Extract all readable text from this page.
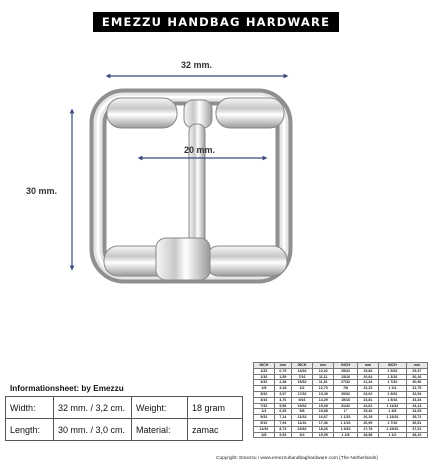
EMEZZU HANDBAG HARDWARE
32 mm.
30 mm.
20 mm.
Informationsheet: by Emezzu
Width:	32 mm. / 3,2 cm.	Weight:	18 gram
Length:	30 mm. / 3,0 cm.	Material:	zamac
INCH	mm	INCH	mm	INCH	mm	INCH	mm
1/32	0,79	13/32	10,32	25/32	19,84	1 5/32	29,37
1/16	1,59	7/16	11,11	13/16	20,64	1 3/16	30,16
3/32	2,38	15/32	11,91	27/32	21,43	1 7/32	30,96
1/8	3,18	1/2	12,70	7/8	22,23	1 1/4	31,75
5/32	3,97	17/32	13,49	29/32	23,02	1 9/32	32,54
3/16	4,76	9/16	14,29	15/16	23,81	1 5/16	33,34
7/32	5,56	19/32	15,08	31/32	24,61	1 11/32	34,13
1/4	6,35	5/8	15,88	1"	25,40	1 3/8	34,93
9/32	7,14	21/32	16,67	1 1/32	26,19	1 13/32	35,72
5/16	7,94	11/16	17,46	1 1/16	26,99	1 7/16	36,51
11/32	8,73	23/32	18,26	1 3/32	27,78	1 15/32	37,31
3/8	9,53	3/4	19,05	1 1/8	28,58	1 1/2	38,10
Copyright: Emezzu / www.emezzuhandbaghardware.com (The Netherlands)
